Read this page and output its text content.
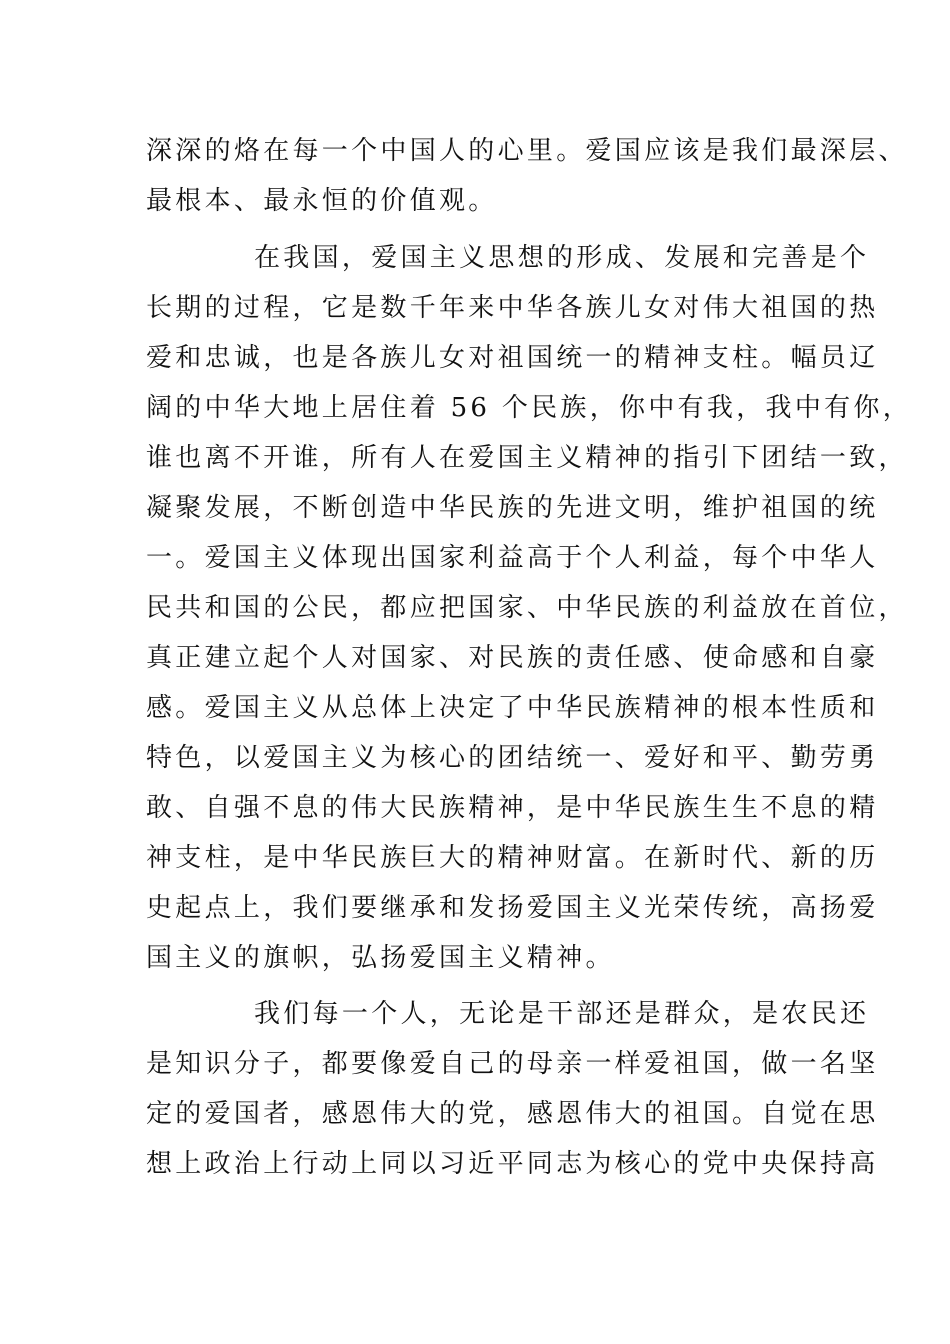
深深的烙在每一个中国人的心里。爱国应该是我们最深层、
最根本、最永恒的价值观。
在我国，爱国主义思想的形成、发展和完善是个
长期的过程，它是数千年来中华各族儿女对伟大祖国的热
爱和忠诚，也是各族儿女对祖国统一的精神支柱。幅员辽
阔的中华大地上居住着 56 个民族，你中有我，我中有你，
谁也离不开谁，所有人在爱国主义精神的指引下团结一致，
凝聚发展，不断创造中华民族的先进文明，维护祖国的统
一。爱国主义体现出国家利益高于个人利益，每个中华人
民共和国的公民，都应把国家、中华民族的利益放在首位，
真正建立起个人对国家、对民族的责任感、使命感和自豪
感。爱国主义从总体上决定了中华民族精神的根本性质和
特色，以爱国主义为核心的团结统一、爱好和平、勤劳勇
敢、自强不息的伟大民族精神，是中华民族生生不息的精
神支柱，是中华民族巨大的精神财富。在新时代、新的历
史起点上，我们要继承和发扬爱国主义光荣传统，高扬爱
国主义的旗帜，弘扬爱国主义精神。
我们每一个人，无论是干部还是群众，是农民还
是知识分子，都要像爱自己的母亲一样爱祖国，做一名坚
定的爱国者，感恩伟大的党，感恩伟大的祖国。自觉在思
想上政治上行动上同以习近平同志为核心的党中央保持高
